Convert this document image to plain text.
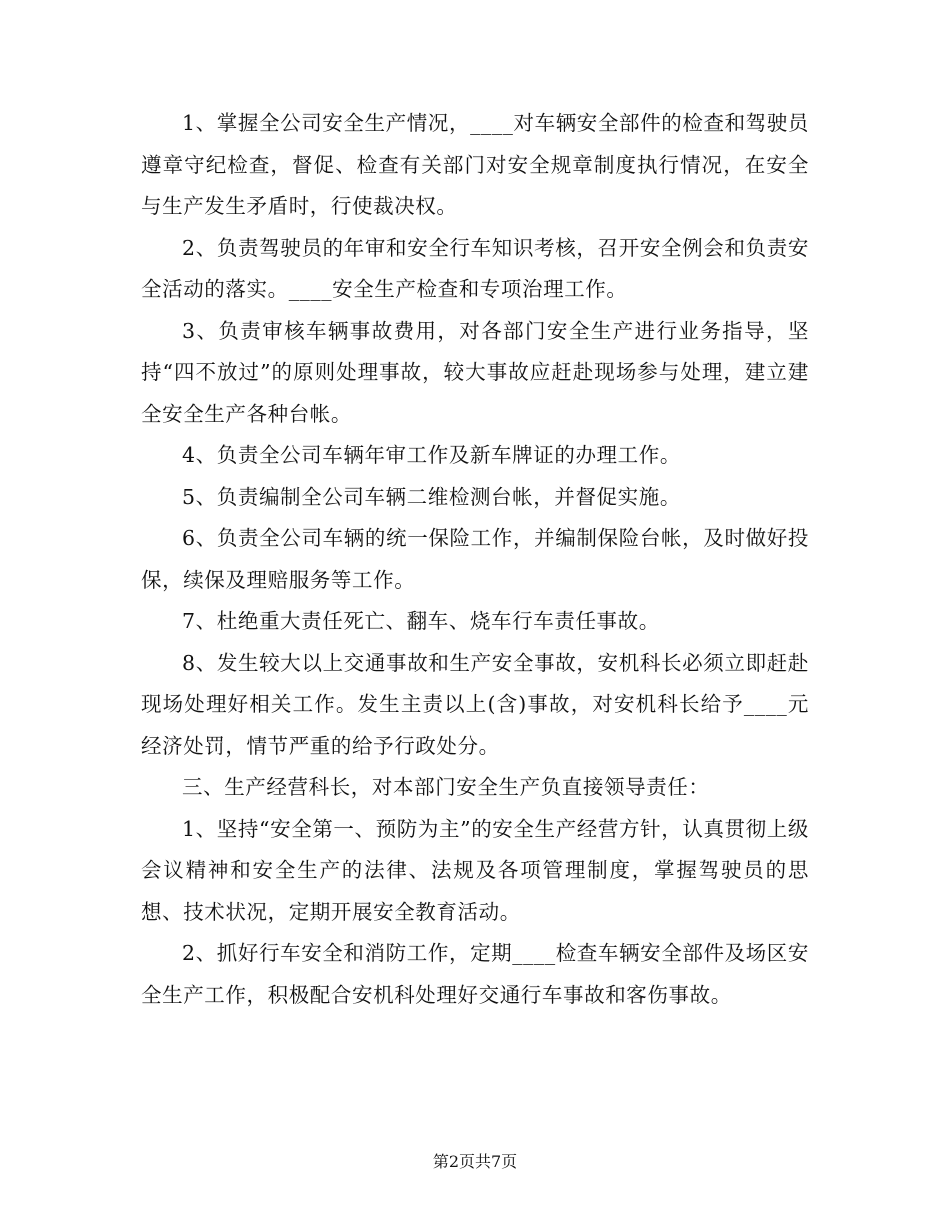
1、掌握全公司安全生产情况，____对车辆安全部件的检查和驾驶员遵章守纪检查，督促、检查有关部门对安全规章制度执行情况，在安全与生产发生矛盾时，行使裁决权。

2、负责驾驶员的年审和安全行车知识考核，召开安全例会和负责安全活动的落实。____安全生产检查和专项治理工作。

3、负责审核车辆事故费用，对各部门安全生产进行业务指导，坚持“四不放过”的原则处理事故，较大事故应赶赴现场参与处理，建立建全安全生产各种台帐。

4、负责全公司车辆年审工作及新车牌证的办理工作。

5、负责编制全公司车辆二维检测台帐，并督促实施。

6、负责全公司车辆的统一保险工作，并编制保险台帐，及时做好投保，续保及理赔服务等工作。

7、杜绝重大责任死亡、翻车、烧车行车责任事故。

8、发生较大以上交通事故和生产安全事故，安机科长必须立即赶赴现场处理好相关工作。发生主责以上(含)事故，对安机科长给予____元经济处罚，情节严重的给予行政处分。

三、生产经营科长，对本部门安全生产负直接领导责任：

1、坚持“安全第一、预防为主”的安全生产经营方针，认真贯彻上级会议精神和安全生产的法律、法规及各项管理制度，掌握驾驶员的思想、技术状况，定期开展安全教育活动。

2、抓好行车安全和消防工作，定期____检查车辆安全部件及场区安全生产工作，积极配合安机科处理好交通行车事故和客伤事故。

第2页共7页
